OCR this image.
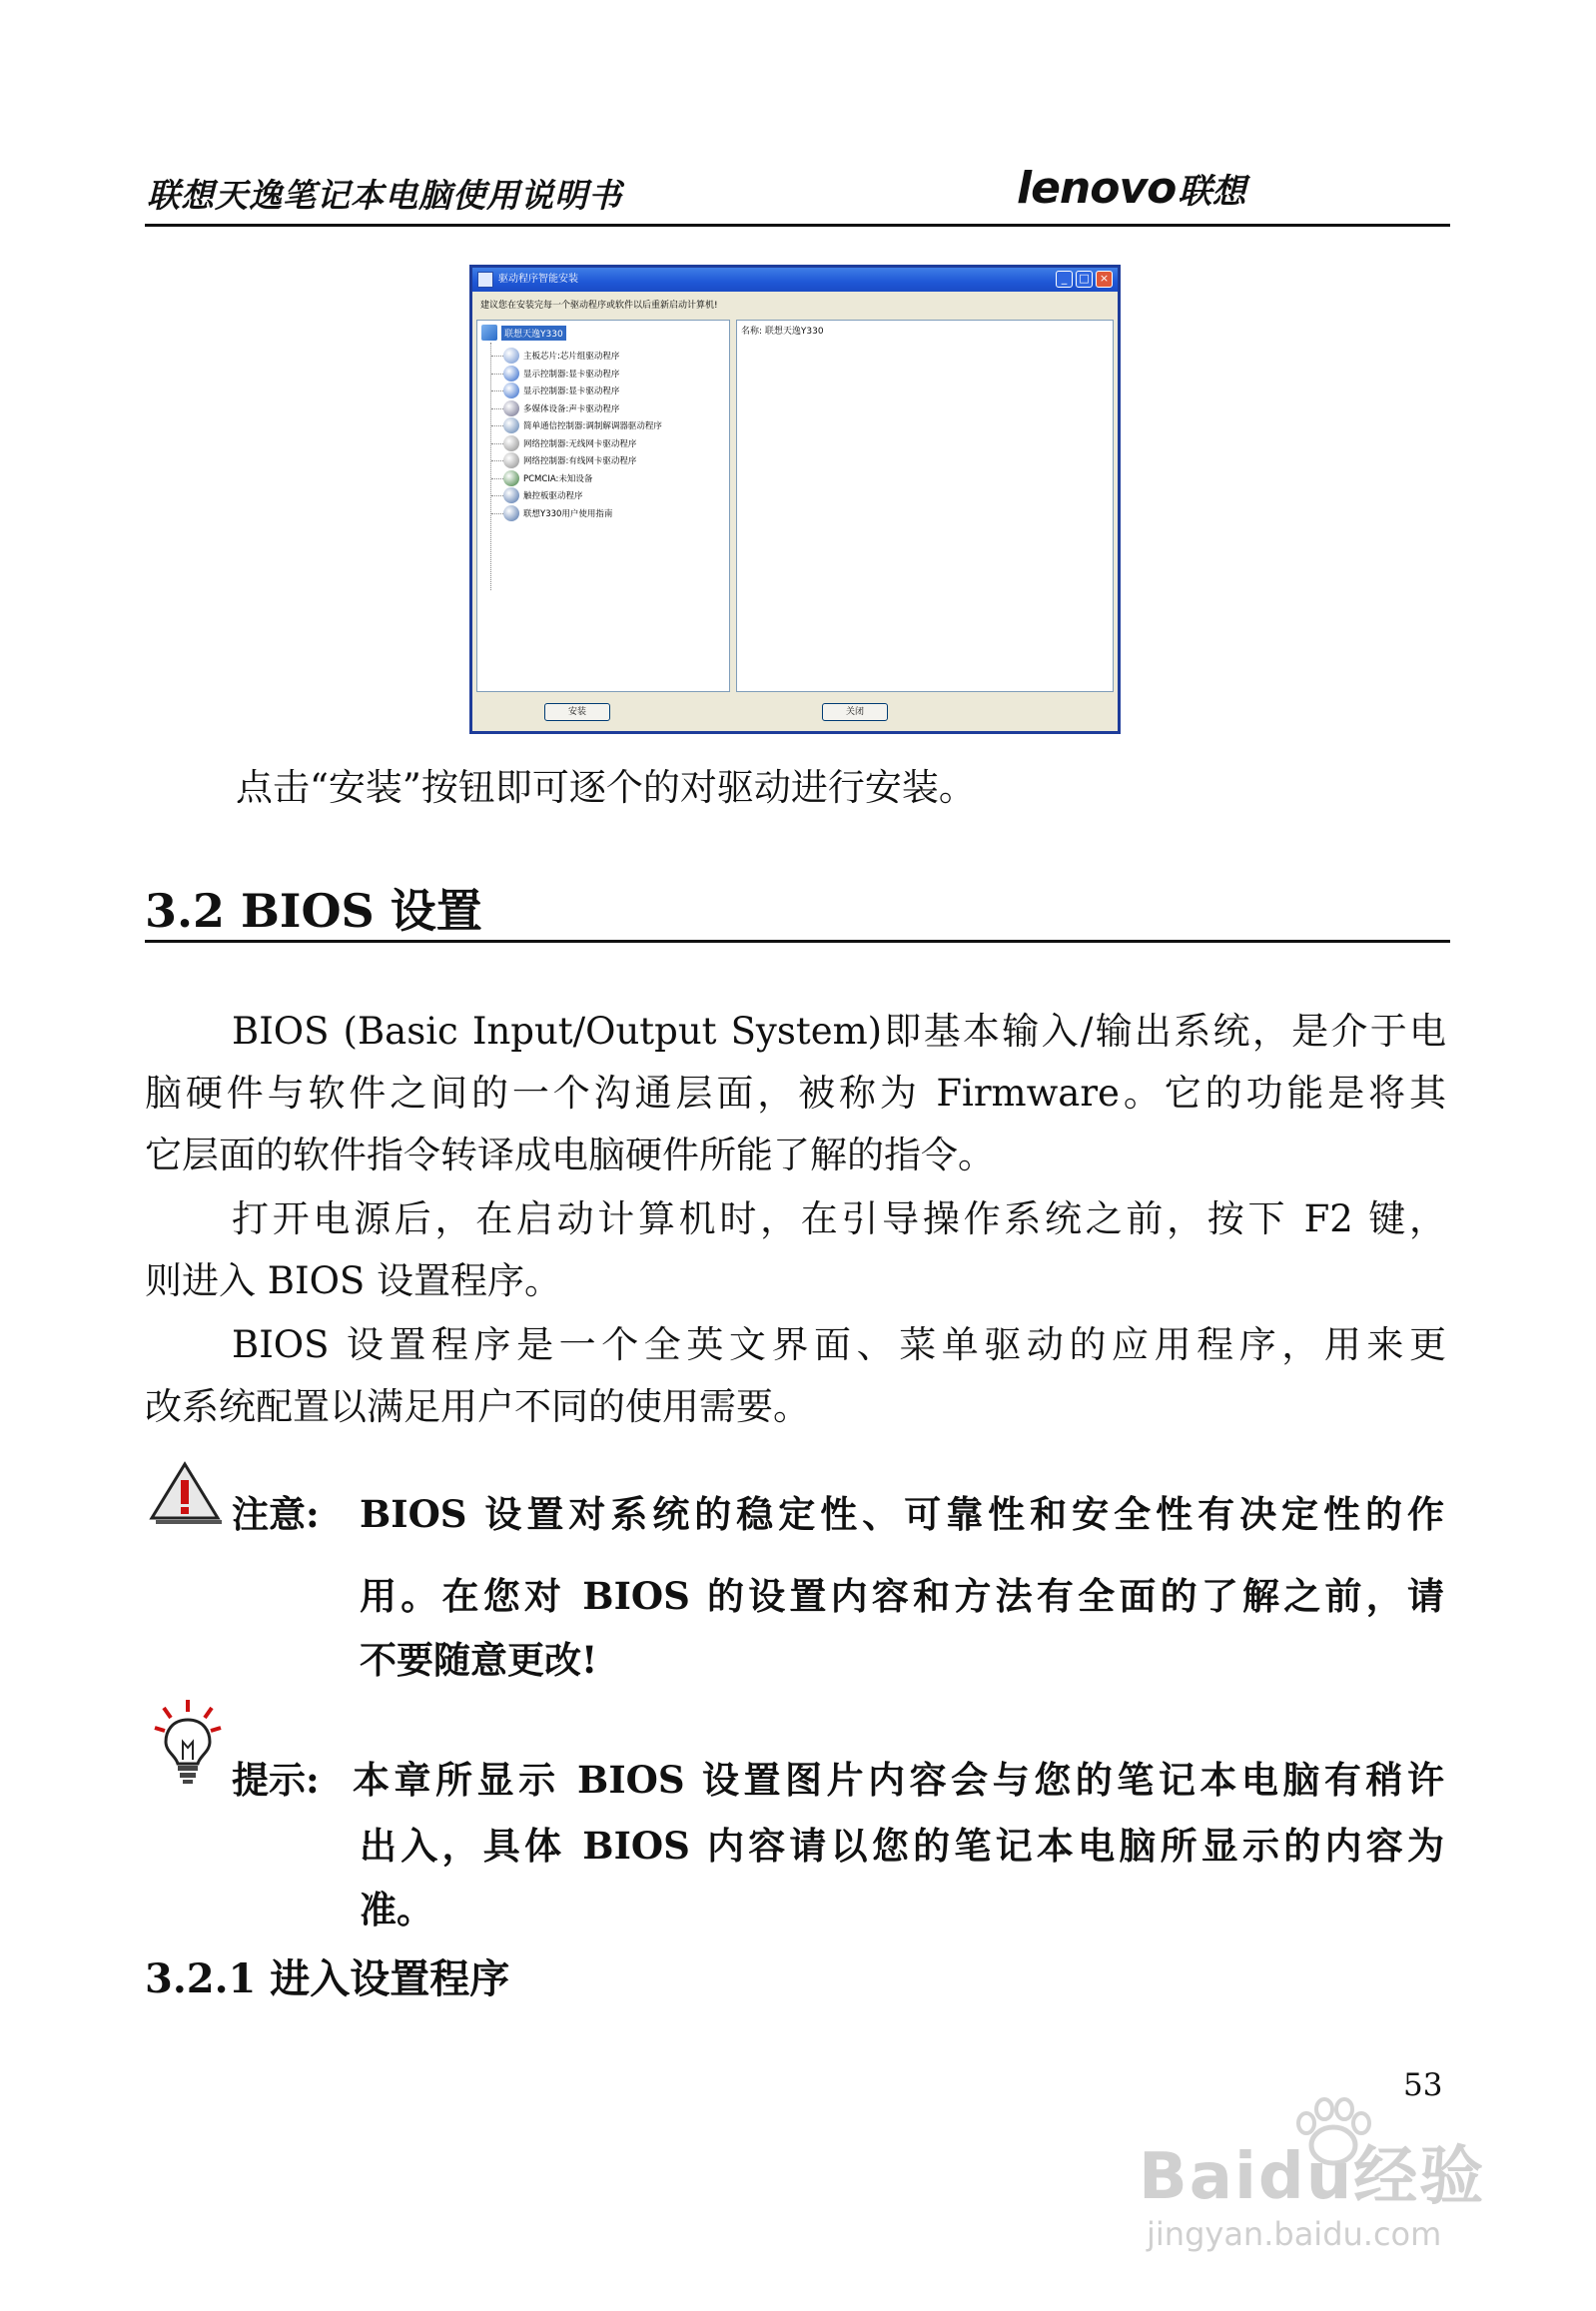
联想天逸笔记本电脑使用说明书	lenovo联想
驱动程序智能安装	_	□ ×
建议您在安装完每一个驱动程序或软件以后重新启动计算机!
联想天逸Y330
主板芯片:芯片组驱动程序
显示控制器:显卡驱动程序
显示控制器:显卡驱动程序
多媒体设备:声卡驱动程序
简单通信控制器:调制解调器驱动程序
网络控制器:无线网卡驱动程序
网络控制器:有线网卡驱动程序
PCMCIA:未知设备
触控板驱动程序
联想Y330用户使用指南
名称: 联想天逸Y330
安装	关闭
点击“安装”按钮即可逐个的对驱动进行安装。
3.2 BIOS 设置
BIOS (Basic Input/Output System)即基本输入/输出系统，是介于电
脑硬件与软件之间的一个沟通层面，被称为 Firmware。它的功能是将其
它层面的软件指令转译成电脑硬件所能了解的指令。
打开电源后，在启动计算机时，在引导操作系统之前，按下 F2 键，
则进入 BIOS 设置程序。
BIOS 设置程序是一个全英文界面、菜单驱动的应用程序，用来更
改系统配置以满足用户不同的使用需要。
注意: BIOS 设置对系统的稳定性、可靠性和安全性有决定性的作
用。在您对 BIOS 的设置内容和方法有全面的了解之前，请
不要随意更改!
提示: 本章所显示 BIOS 设置图片内容会与您的笔记本电脑有稍许
出入，具体 BIOS 内容请以您的笔记本电脑所显示的内容为
准。
3.2.1 进入设置程序
53
Baidu经验
jingyan.baidu.com
